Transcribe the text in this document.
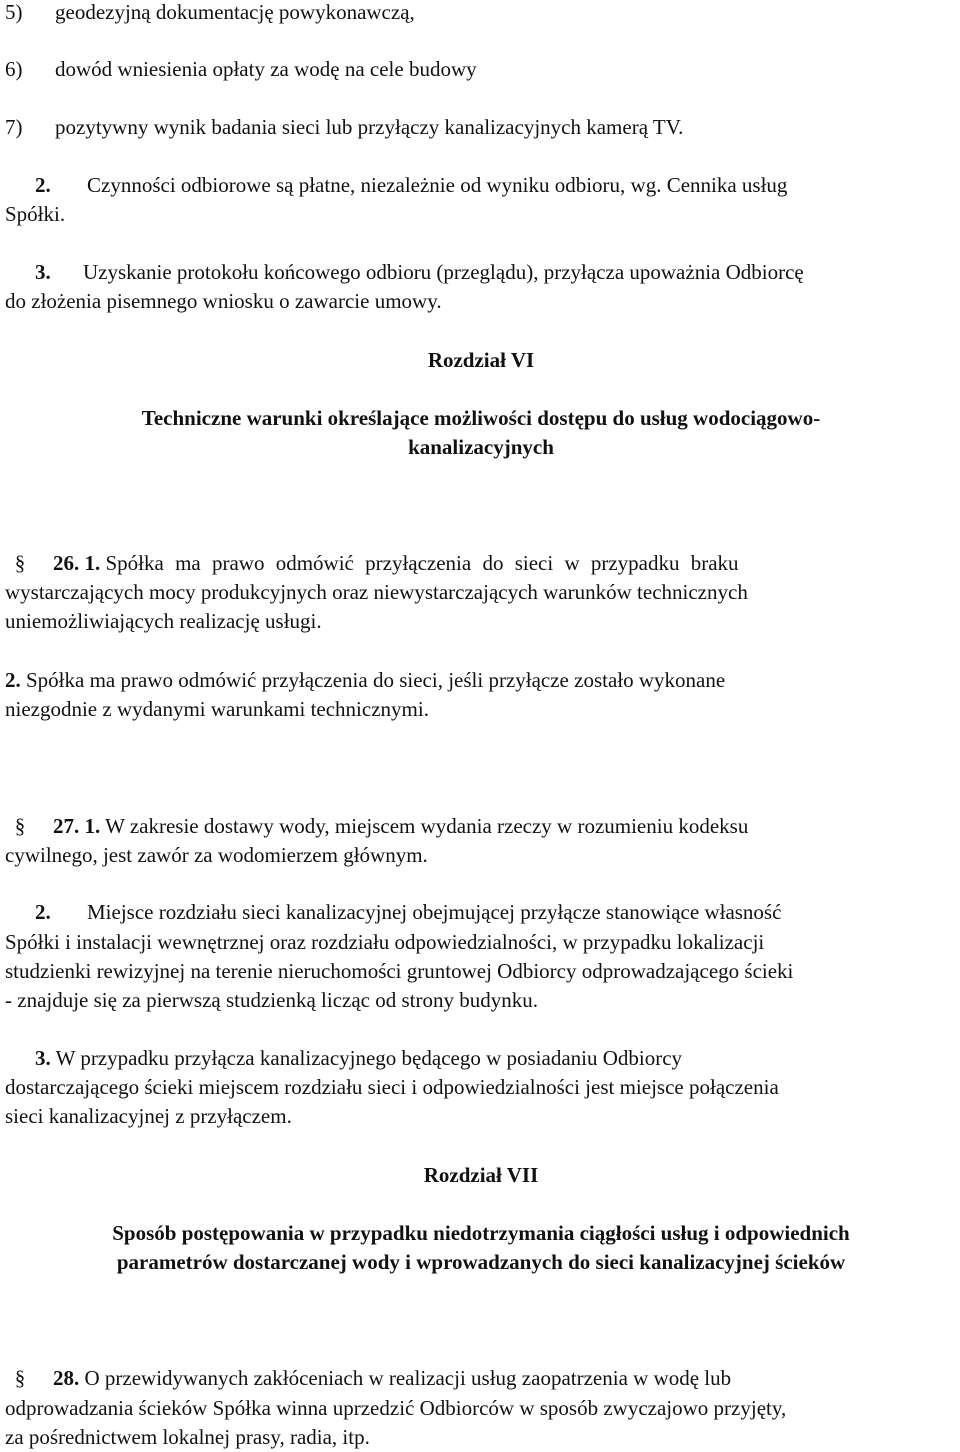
5) geodezyjną dokumentację powykonawczą,
6) dowód wniesienia opłaty za wodę na cele budowy
7) pozytywny wynik badania sieci lub przyłączy kanalizacyjnych kamerą TV.
2. Czynności odbiorowe są płatne, niezależnie od wyniku odbioru, wg. Cennika usług
Spółki.
3. Uzyskanie protokołu końcowego odbioru (przeglądu), przyłącza upoważnia Odbiorcę
do złożenia pisemnego wniosku o zawarcie umowy.
Rozdział VI
Techniczne warunki określające możliwości dostępu do usług wodociągowo-
kanalizacyjnych
§ 26. 1. Spółka ma prawo odmówić przyłączenia do sieci w przypadku braku
wystarczających mocy produkcyjnych oraz niewystarczających warunków technicznych
uniemożliwiających realizację usługi.
2. Spółka ma prawo odmówić przyłączenia do sieci, jeśli przyłącze zostało wykonane
niezgodnie z wydanymi warunkami technicznymi.
§ 27. 1. W zakresie dostawy wody, miejscem wydania rzeczy w rozumieniu kodeksu
cywilnego, jest zawór za wodomierzem głównym.
2. Miejsce rozdziału sieci kanalizacyjnej obejmującej przyłącze stanowiące własność
Spółki i instalacji wewnętrznej oraz rozdziału odpowiedzialności, w przypadku lokalizacji
studzienki rewizyjnej na terenie nieruchomości gruntowej Odbiorcy odprowadzającego ścieki
- znajduje się za pierwszą studzienką licząc od strony budynku.
3. W przypadku przyłącza kanalizacyjnego będącego w posiadaniu Odbiorcy
dostarczającego ścieki miejscem rozdziału sieci i odpowiedzialności jest miejsce połączenia
sieci kanalizacyjnej z przyłączem.
Rozdział VII
Sposób postępowania w przypadku niedotrzymania ciągłości usług i odpowiednich
parametrów dostarczanej wody i wprowadzanych do sieci kanalizacyjnej ścieków
§ 28. O przewidywanych zakłóceniach w realizacji usług zaopatrzenia w wodę lub
odprowadzania ścieków Spółka winna uprzedzić Odbiorców w sposób zwyczajowo przyjęty,
za pośrednictwem lokalnej prasy, radia, itp.
